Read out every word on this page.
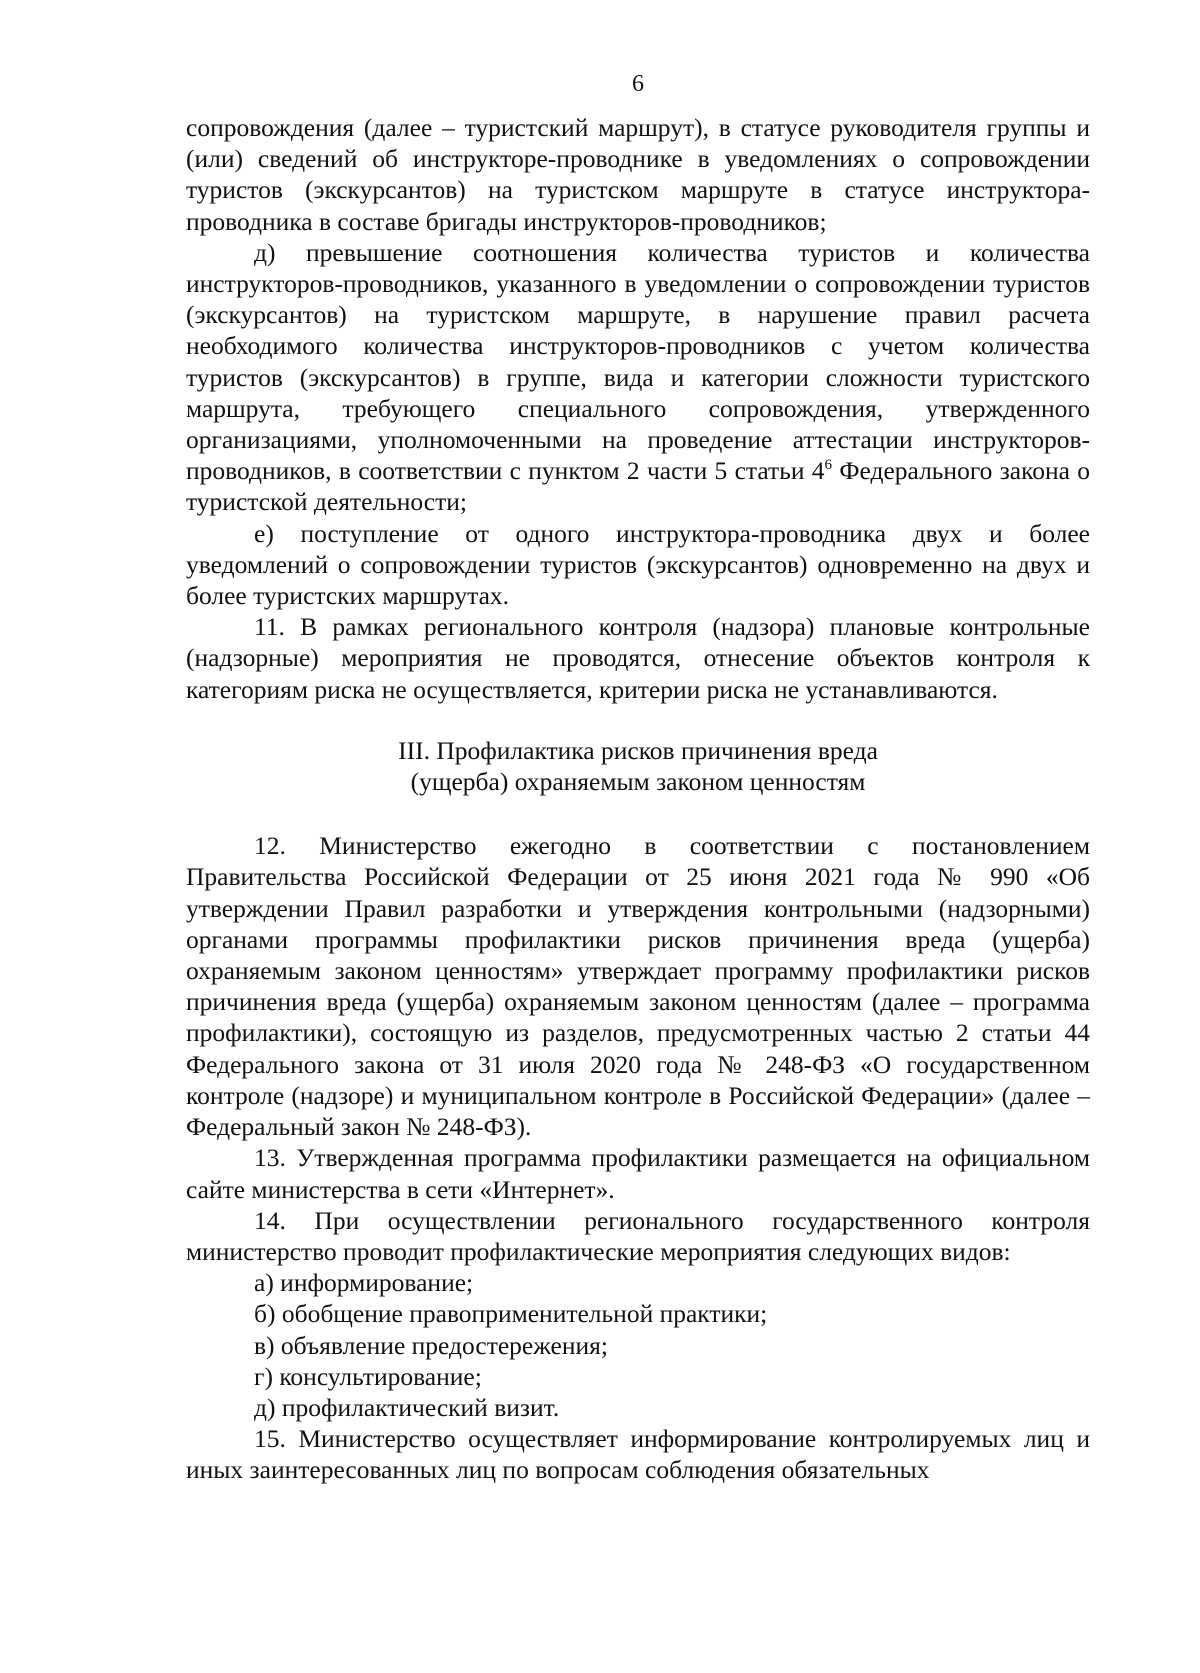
6

сопровождения (далее – туристский маршрут), в статусе руководителя группы и (или) сведений об инструкторе-проводнике в уведомлениях о сопровождении туристов (экскурсантов) на туристском маршруте в статусе инструктора-проводника в составе бригады инструкторов-проводников;

д) превышение соотношения количества туристов и количества инструкторов-проводников, указанного в уведомлении о сопровождении туристов (экскурсантов) на туристском маршруте, в нарушение правил расчета необходимого количества инструкторов-проводников с учетом количества туристов (экскурсантов) в группе, вида и категории сложности туристского маршрута, требующего специального сопровождения, утвержденного организациями, уполномоченными на проведение аттестации инструкторов-проводников, в соответствии с пунктом 2 части 5 статьи $4^6$ Федерального закона о туристской деятельности;

е) поступление от одного инструктора-проводника двух и более уведомлений о сопровождении туристов (экскурсантов) одновременно на двух и более туристских маршрутах.

11. В рамках регионального контроля (надзора) плановые контрольные (надзорные) мероприятия не проводятся, отнесение объектов контроля к категориям риска не осуществляется, критерии риска не устанавливаются.

III. Профилактика рисков причинения вреда
(ущерба) охраняемым законом ценностям

12. Министерство ежегодно в соответствии с постановлением Правительства Российской Федерации от 25 июня 2021 года № 990 «Об утверждении Правил разработки и утверждения контрольными (надзорными) органами программы профилактики рисков причинения вреда (ущерба) охраняемым законом ценностям» утверждает программу профилактики рисков причинения вреда (ущерба) охраняемым законом ценностям (далее – программа профилактики), состоящую из разделов, предусмотренных частью 2 статьи 44 Федерального закона от 31 июля 2020 года № 248-ФЗ «О государственном контроле (надзоре) и муниципальном контроле в Российской Федерации» (далее – Федеральный закон № 248-ФЗ).

13. Утвержденная программа профилактики размещается на официальном сайте министерства в сети «Интернет».

14. При осуществлении регионального государственного контроля министерство проводит профилактические мероприятия следующих видов:

а) информирование;

б) обобщение правоприменительной практики;

в) объявление предостережения;

г) консультирование;

д) профилактический визит.

15. Министерство осуществляет информирование контролируемых лиц и иных заинтересованных лиц по вопросам соблюдения обязательных
